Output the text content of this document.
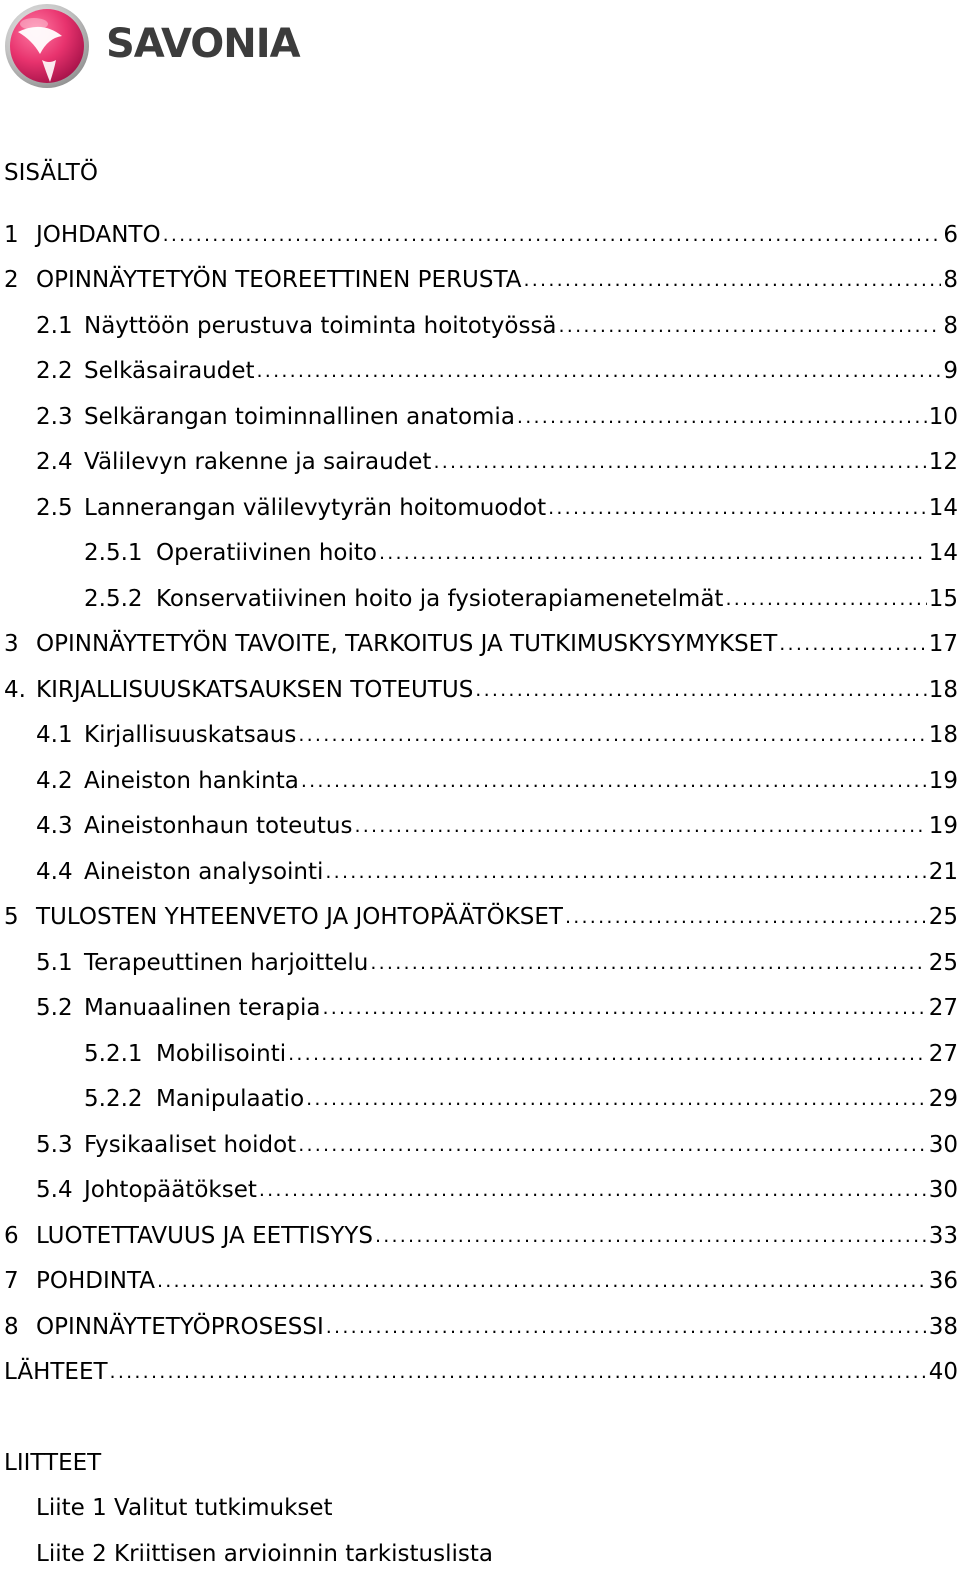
SAVONIA
SISÄLTÖ
1 JOHDANTO . . .	6
2 OPINNÄYTETYÖN TEOREETTINEN PERUSTA . . .	8
2.1 Näyttöön perustuva toiminta hoitotyössä . . .	8
2.2 Selkäsairaudet . . .	9
2.3 Selkärangan toiminnallinen anatomia . . .	10
2.4 Välilevyn rakenne ja sairaudet . . .	12
2.5 Lannerangan välilevytyrän hoitomuodot . . .	14
2.5.1 Operatiivinen hoito . . .	14
2.5.2 Konservatiivinen hoito ja fysioterapiamenetelmät . . .	15
3 OPINNÄYTETYÖN TAVOITE, TARKOITUS JA TUTKIMUSKYSYMYKSET . . .	17
4. KIRJALLISUUSKATSAUKSEN TOTEUTUS . . .	18
4.1 Kirjallisuuskatsaus . . .	18
4.2 Aineiston hankinta . . .	19
4.3 Aineistonhaun toteutus . . .	19
4.4 Aineiston analysointi . . .	21
5 TULOSTEN YHTEENVETO JA JOHTOPÄÄTÖKSET . . .	25
5.1 Terapeuttinen harjoittelu . . .	25
5.2 Manuaalinen terapia . . .	27
5.2.1 Mobilisointi . . .	27
5.2.2 Manipulaatio . . .	29
5.3 Fysikaaliset hoidot . . .	30
5.4 Johtopäätökset . . .	30
6 LUOTETTAVUUS JA EETTISYYS . . .	33
7 POHDINTA . . .	36
8 OPINNÄYTETYÖPROSESSI . . .	38
LÄHTEET . . .	40
LIITTEET
Liite 1 Valitut tutkimukset
Liite 2 Kriittisen arvioinnin tarkistuslista
